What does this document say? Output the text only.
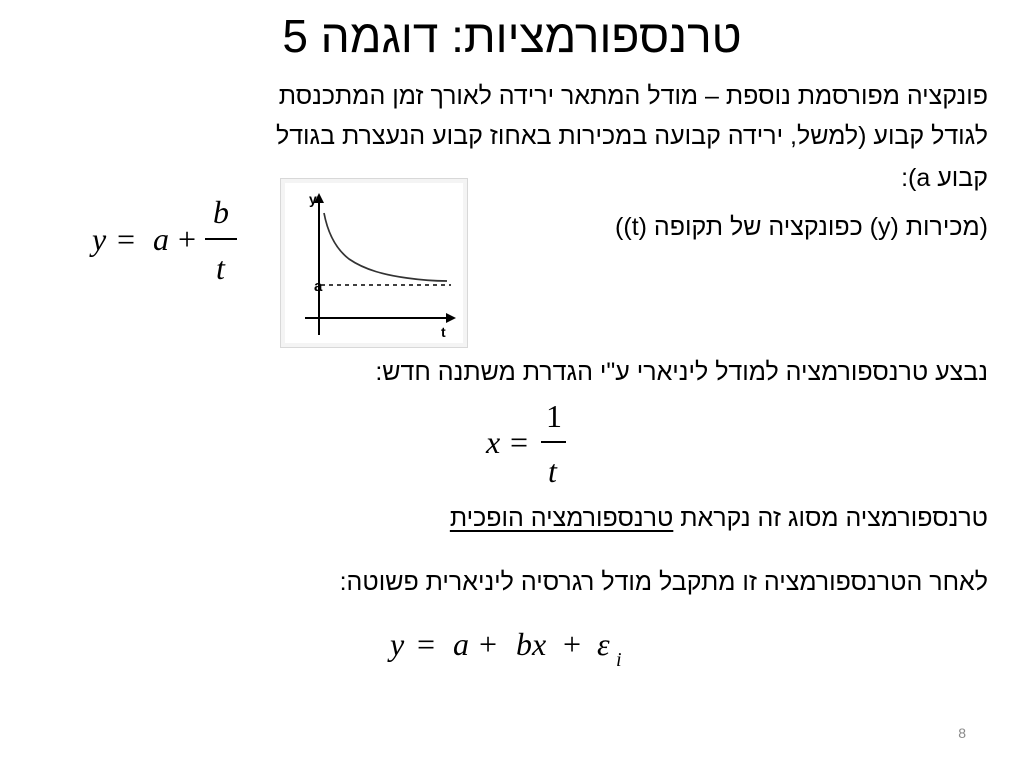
טרנספורמציות: דוגמה 5
פונקציה מפורסמת נוספת – מודל המתאר ירידה לאורך זמן המתכנסת
לגודל קבוע (למשל, ירידה קבועה במכירות באחוז קבוע הנעצרת בגודל
קבוע a):
(מכירות (y) כפונקציה של תקופה (t))
y = a +
b
t
y
a
t
נבצע טרנספורמציה למודל ליניארי ע"י הגדרת משתנה חדש:
x =
1
t
טרנספורמציה מסוג זה נקראת טרנספורמציה הופכית
לאחר הטרנספורמציה זו מתקבל מודל רגרסיה ליניארית פשוטה:
y = a + bx + ε i
8
